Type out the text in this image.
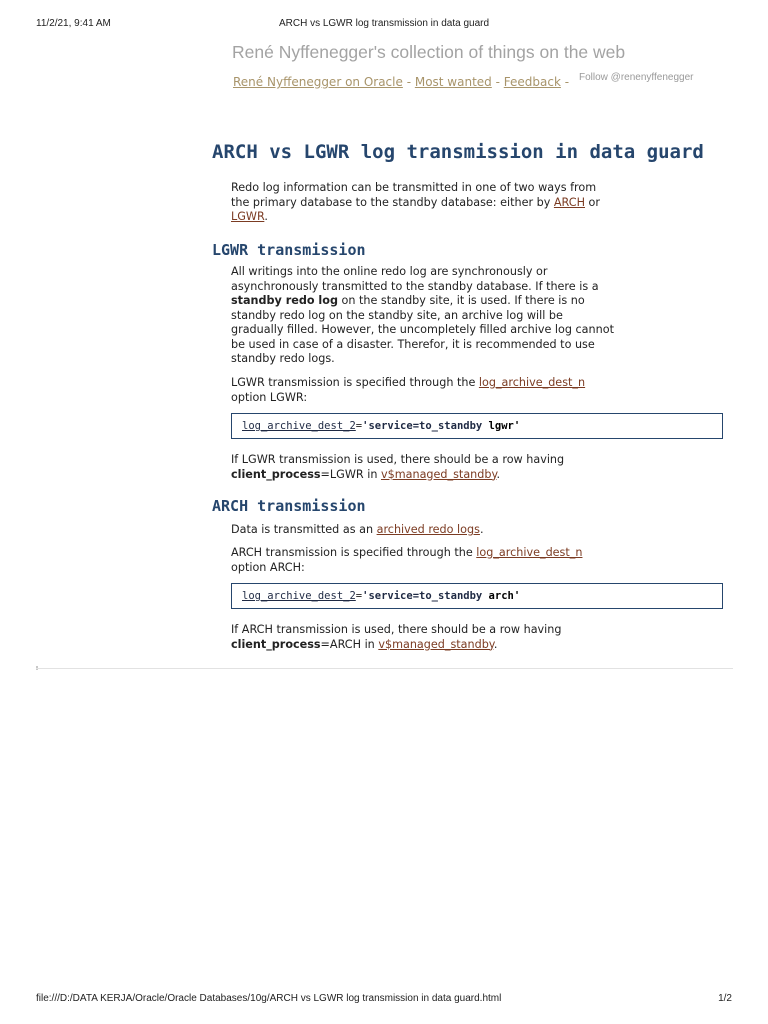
11/2/21, 9:41 AM	ARCH vs LGWR log transmission in data guard
René Nyffenegger's collection of things on the web
René Nyffenegger on Oracle - Most wanted - Feedback - Follow @renenyffenegger
ARCH vs LGWR log transmission in data guard

Redo log information can be transmitted in one of two ways from the primary database to the standby database: either by ARCH or LGWR.

LGWR transmission

All writings into the online redo log are synchronously or asynchronously transmitted to the standby database. If there is a standby redo log on the standby site, it is used. If there is no standby redo log on the standby site, an archive log will be gradually filled. However, the uncompletely filled archive log cannot be used in case of a disaster. Therefor, it is recommended to use standby redo logs.

LGWR transmission is specified through the log_archive_dest_n option LGWR:

log_archive_dest_2='service=to_standby lgwr'

If LGWR transmission is used, there should be a row having client_process=LGWR in v$managed_standby.

ARCH transmission

Data is transmitted as an archived redo logs.

ARCH transmission is specified through the log_archive_dest_n option ARCH:

log_archive_dest_2='service=to_standby arch'

If ARCH transmission is used, there should be a row having client_process=ARCH in v$managed_standby.

file:///D:/DATA KERJA/Oracle/Oracle Databases/10g/ARCH vs LGWR log transmission in data guard.html	1/2
